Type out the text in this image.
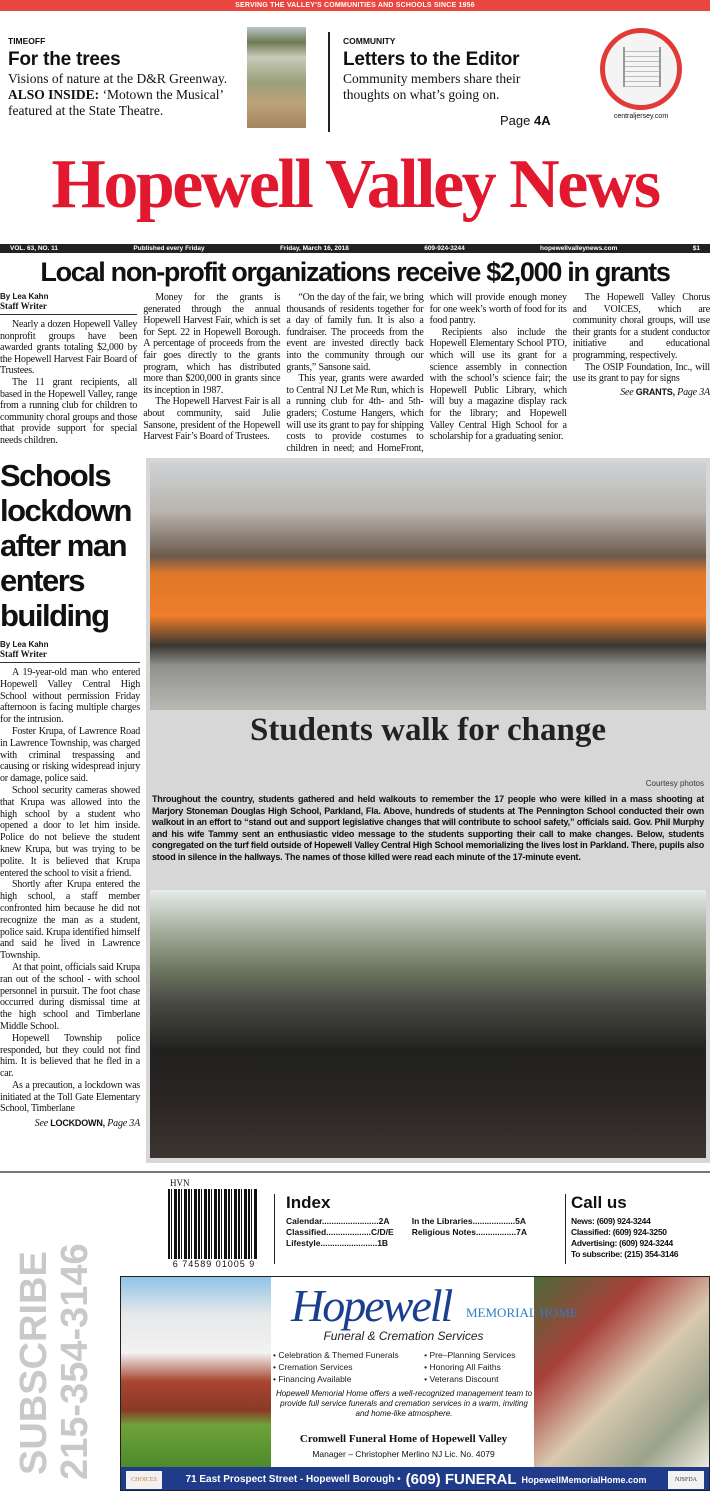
SERVING THE VALLEY'S COMMUNITIES AND SCHOOLS SINCE 1956
TIMEOFF
For the trees
Visions of nature at the D&R Greenway.
ALSO INSIDE: ‘Motown the Musical’ featured at the State Theatre.
COMMUNITY
Letters to the Editor
Community members share their thoughts on what’s going on.
Page 4A	centraljersey.com
Hopewell Valley News
VOL. 63, NO. 11	Published every Friday	Friday, March 16, 2018	609-924-3244	hopewellvalleynews.com	$1
Local non-profit organizations receive $2,000 in grants
By Lea Kahn
Staff Writer

Nearly a dozen Hopewell Valley nonprofit groups have been awarded grants totaling $2,000 by the Hopewell Harvest Fair Board of Trustees.

The 11 grant recipients, all based in the Hopewell Valley, range from a running club for children to community choral groups and those that provide support for special needs children.

Money for the grants is generated through the annual Hopewell Harvest Fair, which is set for Sept. 22 in Hopewell Borough. A percentage of proceeds from the fair goes directly to the grants program, which has distributed more than $200,000 in grants since its inception in 1987.

The Hopewell Harvest Fair is all about community, said Julie Sansone, president of the Hopewell Harvest Fair’s Board of Trustees.

“On the day of the fair, we bring thousands of residents together for a day of family fun. It is also a fundraiser. The proceeds from the event are invested directly back into the community through our grants,” Sansone said.

This year, grants were awarded to Central NJ Let Me Run, which is a running club for 4th- and 5th-graders; Costume Hangers, which will use its grant to pay for shipping costs to provide costumes to children in need; and HomeFront, which will provide enough money for one week’s worth of food for its food pantry.

Recipients also include the Hopewell Elementary School PTO, which will use its grant for a science assembly in connection with the school’s science fair; the Hopewell Public Library, which will buy a magazine display rack for the library; and Hopewell Valley Central High School for a scholarship for a graduating senior.

The Hopewell Valley Chorus and VOICES, which are community choral groups, will use their grants for a student conductor initiative and educational programming, respectively.

The OSIP Foundation, Inc., will use its grant to pay for signs

See GRANTS, Page 3A
Schools lockdown after man enters building
By Lea Kahn
Staff Writer

A 19-year-old man who entered Hopewell Valley Central High School without permission Friday afternoon is facing multiple charges for the intrusion.

Foster Krupa, of Lawrence Road in Lawrence Township, was charged with criminal trespassing and causing or risking widespread injury or damage, police said.

School security cameras showed that Krupa was allowed into the high school by a student who opened a door to let him inside. Police do not believe the student knew Krupa, but was trying to be polite. It is believed that Krupa entered the school to visit a friend.

Shortly after Krupa entered the high school, a staff member confronted him because he did not recognize the man as a student, police said. Krupa identified himself and said he lived in Lawrence Township.

At that point, officials said Krupa ran out of the school - with school personnel in pursuit. The foot chase occurred during dismissal time at the high school and Timberlane Middle School.

Hopewell Township police responded, but they could not find him. It is believed that he fled in a car.

As a precaution, a lockdown was initiated at the Toll Gate Elementary School, Timberlane

See LOCKDOWN, Page 3A
Students walk for change
Courtesy photos
Throughout the country, students gathered and held walkouts to remember the 17 people who were killed in a mass shooting at Marjory Stoneman Douglas High School, Parkland, Fla. Above, hundreds of students at The Pennington School conducted their own walkout in an effort to “stand out and support legislative changes that will contribute to school safety,” officials said. Gov. Phil Murphy and his wife Tammy sent an enthusiastic video message to the students supporting their call to make changes. Below, students congregated on the turf field outside of Hopewell Valley Central High School memorializing the lives lost in Parkland. There, pupils also stood in silence in the hallways. The names of those killed were read each minute of the 17-minute event.
HVN
6 74589 01005 9
Index
Calendar........................2A
Classified...................C/D/E
Lifestyle........................1B
In the Libraries..................5A
Religious Notes.................7A
Call us
News: (609) 924-3244
Classified: (609) 924-3250
Advertising: (609) 924-3244
To subscribe: (215) 354-3146
SUBSCRIBE 215-354-3146	Hopewell MEMORIAL HOME
Funeral & Cremation Services
• Celebration & Themed Funerals	• Pre–Planning Services
• Cremation Services	• Honoring All Faiths
• Financing Available	• Veterans Discount
Hopewell Memorial Home offers a well-recognized management team to provide full service funerals and cremation services in a warm, inviting and home-like atmosphere.
Cromwell Funeral Home of Hopewell Valley
Manager – Christopher Merlino NJ Lic. No. 4079
71 East Prospect Street - Hopewell Borough • (609) FUNERAL HopewellMemorialHome.com
CHOICES	NJSFDA
